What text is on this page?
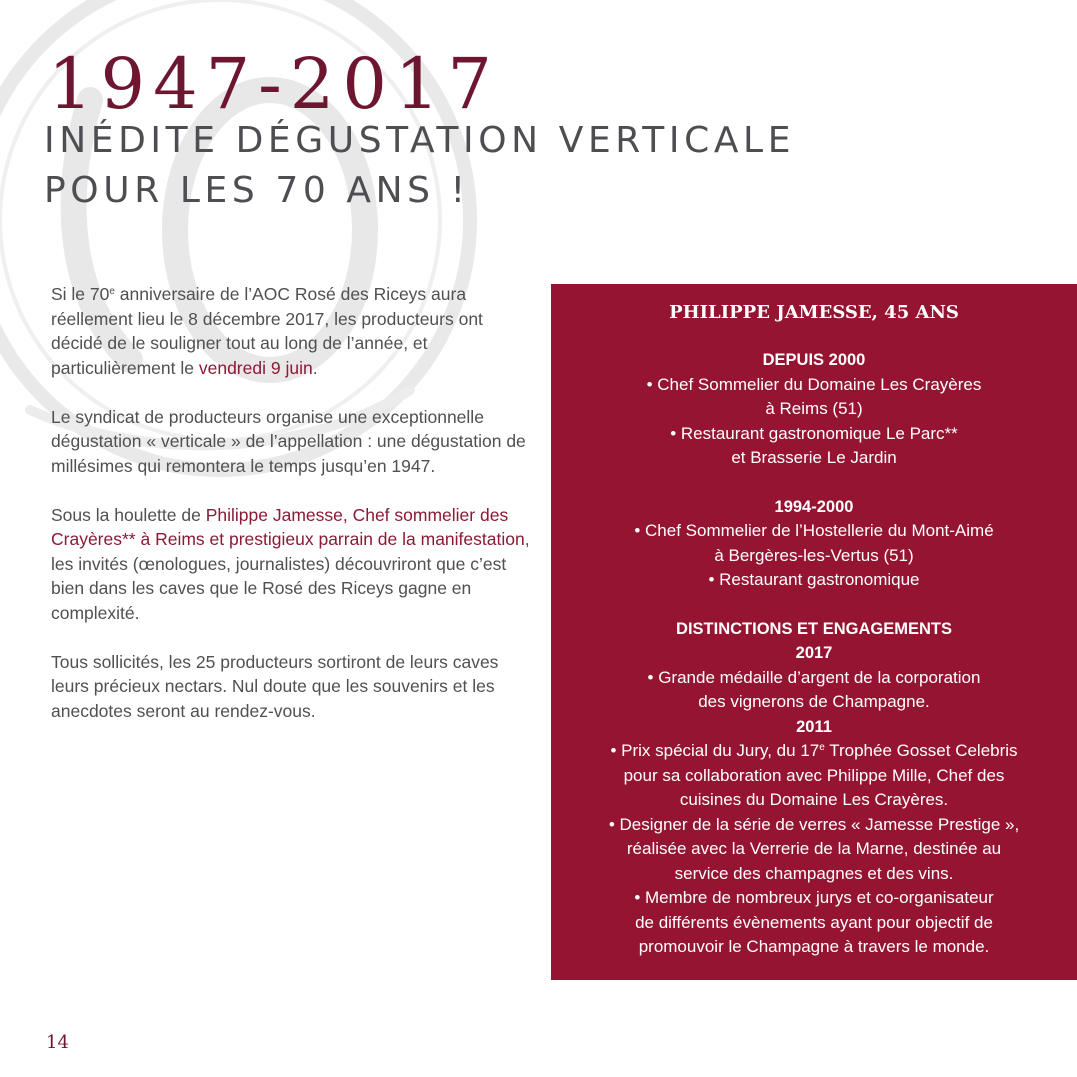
1947-2017
INÉDITE DÉGUSTATION VERTICALE
POUR LES 70 ANS !

Si le 70e anniversaire de l’AOC Rosé des Riceys aura réellement lieu le 8 décembre 2017, les producteurs ont décidé de le souligner tout au long de l’année, et particulièrement le vendredi 9 juin.

Le syndicat de producteurs organise une exceptionnelle dégustation « verticale » de l’appellation : une dégustation de millésimes qui remontera le temps jusqu’en 1947.

Sous la houlette de Philippe Jamesse, Chef sommelier des Crayères** à Reims et prestigieux parrain de la manifestation, les invités (œnologues, journalistes) découvriront que c’est bien dans les caves que le Rosé des Riceys gagne en complexité.

Tous sollicités, les 25 producteurs sortiront de leurs caves leurs précieux nectars. Nul doute que les souvenirs et les anecdotes seront au rendez-vous.

PHILIPPE JAMESSE, 45 ANS

DEPUIS 2000

• Chef Sommelier du Domaine Les Crayères

à Reims (51)

• Restaurant gastronomique Le Parc**

et Brasserie Le Jardin

1994-2000

• Chef Sommelier de l’Hostellerie du Mont-Aimé

à Bergères-les-Vertus (51)

• Restaurant gastronomique

DISTINCTIONS ET ENGAGEMENTS

2017

• Grande médaille d’argent de la corporation

des vignerons de Champagne.

2011

• Prix spécial du Jury, du 17e Trophée Gosset Celebris

pour sa collaboration avec Philippe Mille, Chef des

cuisines du Domaine Les Crayères.

• Designer de la série de verres « Jamesse Prestige »,

réalisée avec la Verrerie de la Marne, destinée au

service des champagnes et des vins.

• Membre de nombreux jurys et co-organisateur

de différents évènements ayant pour objectif de

promouvoir le Champagne à travers le monde.

14
